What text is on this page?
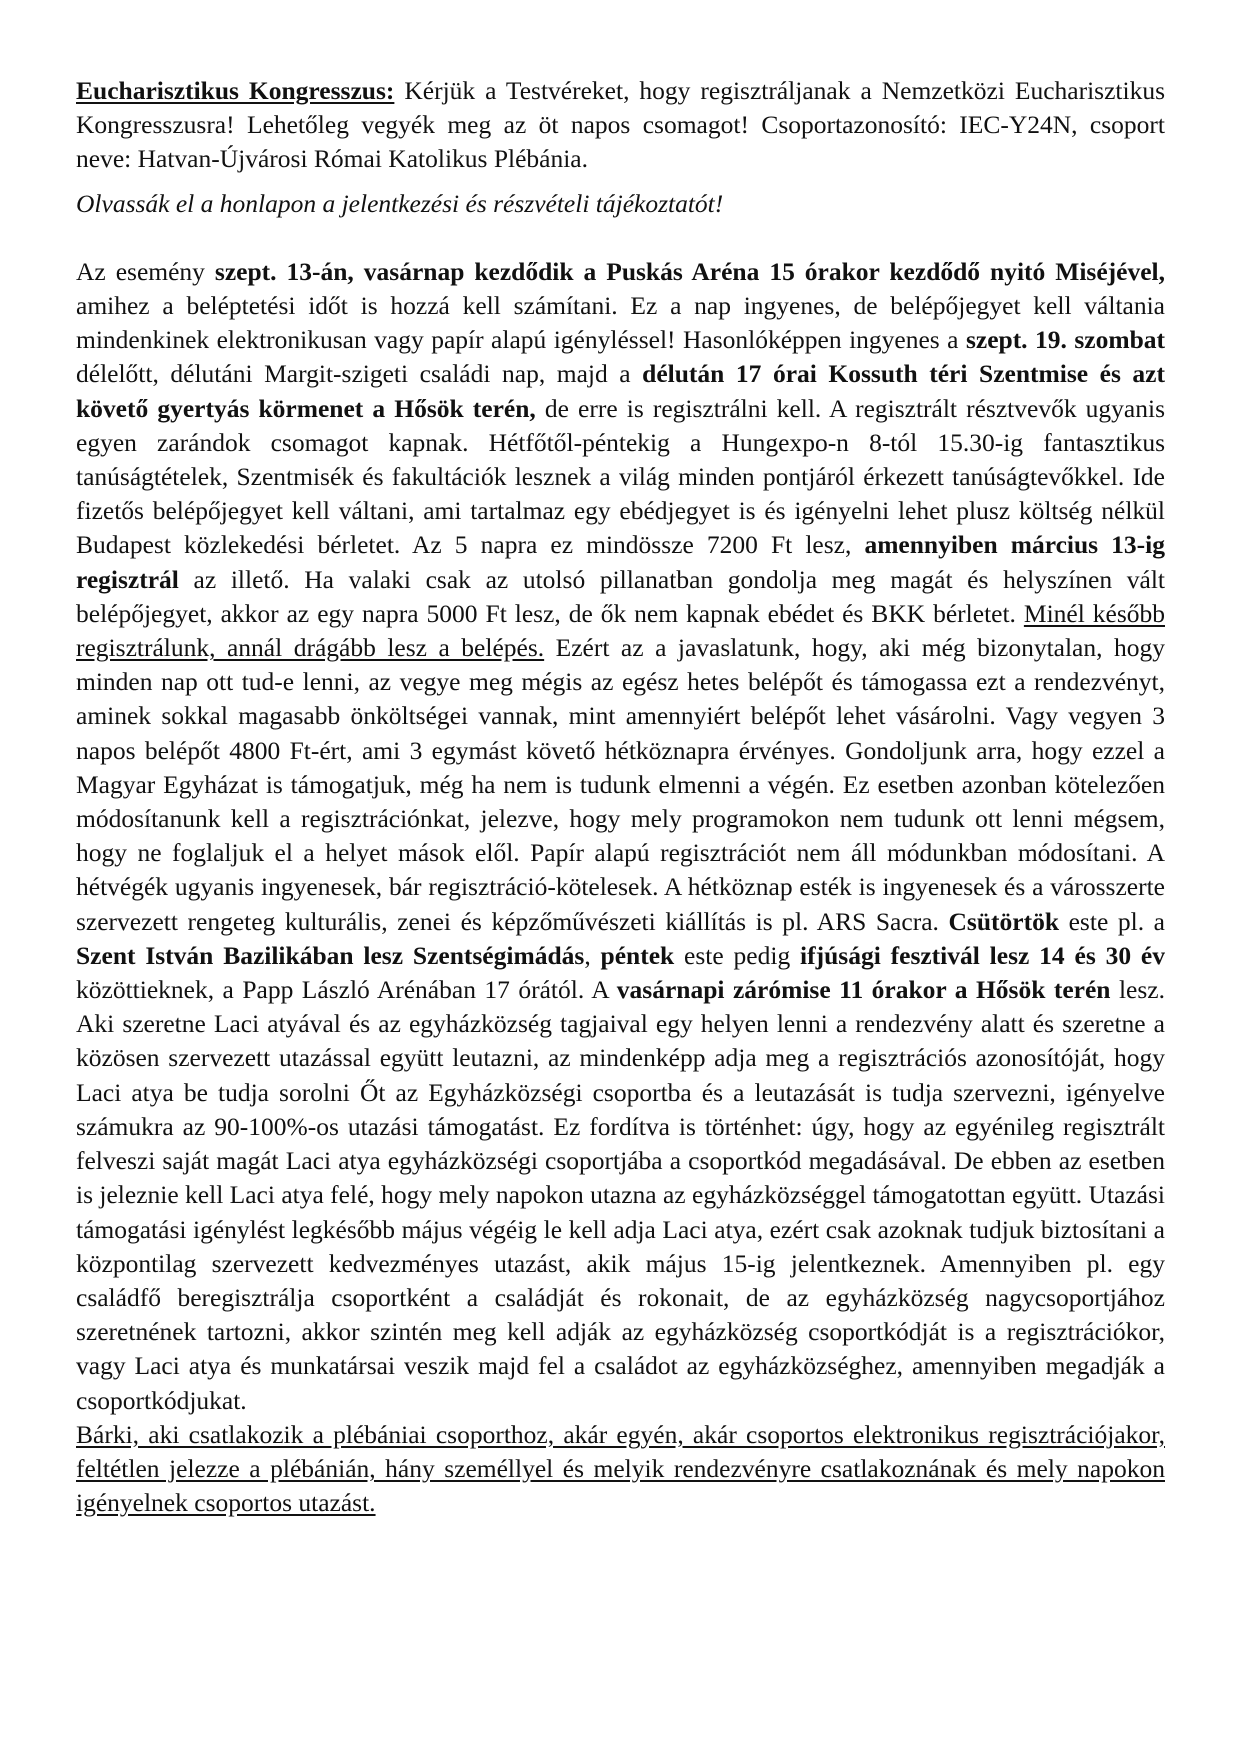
Eucharisztikus Kongresszus: Kérjük a Testvéreket, hogy regisztráljanak a Nemzetközi Eucharisztikus Kongresszusra! Lehetőleg vegyék meg az öt napos csomagot! Csoportazonosító: IEC-Y24N, csoport neve: Hatvan-Újvárosi Római Katolikus Plébánia.

Olvassák el a honlapon a jelentkezési és részvételi tájékoztatót!

Az esemény szept. 13-án, vasárnap kezdődik a Puskás Aréna 15 órakor kezdődő nyitó Miséjével, amihez a beléptetési időt is hozzá kell számítani. Ez a nap ingyenes, de belépőjegyet kell váltania mindenkinek elektronikusan vagy papír alapú igényléssel! Hasonlóképpen ingyenes a szept. 19. szombat délelőtt, délutáni Margit-szigeti családi nap, majd a délután 17 órai Kossuth téri Szentmise és azt követő gyertyás körmenet a Hősök terén, de erre is regisztrálni kell. A regisztrált résztvevők ugyanis egyen zarándok csomagot kapnak. Hétfőtől-péntekig a Hungexpo-n 8-tól 15.30-ig fantasztikus tanúságtételek, Szentmisék és fakultációk lesznek a világ minden pontjáról érkezett tanúságtevőkkel. Ide fizetős belépőjegyet kell váltani, ami tartalmaz egy ebédjegyet is és igényelni lehet plusz költség nélkül Budapest közlekedési bérletet. Az 5 napra ez mindössze 7200 Ft lesz, amennyiben március 13-ig regisztrál az illető. Ha valaki csak az utolsó pillanatban gondolja meg magát és helyszínen vált belépőjegyet, akkor az egy napra 5000 Ft lesz, de ők nem kapnak ebédet és BKK bérletet. Minél később regisztrálunk, annál drágább lesz a belépés. Ezért az a javaslatunk, hogy, aki még bizonytalan, hogy minden nap ott tud-e lenni, az vegye meg mégis az egész hetes belépőt és támogassa ezt a rendezvényt, aminek sokkal magasabb önköltségei vannak, mint amennyiért belépőt lehet vásárolni. Vagy vegyen 3 napos belépőt 4800 Ft-ért, ami 3 egymást követő hétköznapra érvényes. Gondoljunk arra, hogy ezzel a Magyar Egyházat is támogatjuk, még ha nem is tudunk elmenni a végén. Ez esetben azonban kötelezően módosítanunk kell a regisztrációnkat, jelezve, hogy mely programokon nem tudunk ott lenni mégsem, hogy ne foglaljuk el a helyet mások elől. Papír alapú regisztrációt nem áll módunkban módosítani. A hétvégék ugyanis ingyenesek, bár regisztráció-kötelesek. A hétköznap esték is ingyenesek és a városszerte szervezett rengeteg kulturális, zenei és képzőművészeti kiállítás is pl. ARS Sacra. Csütörtök este pl. a Szent István Bazilikában lesz Szentségimádás, péntek este pedig ifjúsági fesztivál lesz 14 és 30 év közöttieknek, a Papp László Arénában 17 órától. A vasárnapi zárómise 11 órakor a Hősök terén lesz. Aki szeretne Laci atyával és az egyházközség tagjaival egy helyen lenni a rendezvény alatt és szeretne a közösen szervezett utazással együtt leutazni, az mindenképp adja meg a regisztrációs azonosítóját, hogy Laci atya be tudja sorolni Őt az Egyházközségi csoportba és a leutazását is tudja szervezni, igényelve számukra az 90-100%-os utazási támogatást. Ez fordítva is történhet: úgy, hogy az egyénileg regisztrált felveszi saját magát Laci atya egyházközségi csoportjába a csoportkód megadásával. De ebben az esetben is jeleznie kell Laci atya felé, hogy mely napokon utazna az egyházközséggel támogatottan együtt. Utazási támogatási igénylést legkésőbb május végéig le kell adja Laci atya, ezért csak azoknak tudjuk biztosítani a központilag szervezett kedvezményes utazást, akik május 15-ig jelentkeznek. Amennyiben pl. egy családfő beregisztrálja csoportként a családját és rokonait, de az egyházközség nagycsoportjához szeretnének tartozni, akkor szintén meg kell adják az egyházközség csoportkódját is a regisztrációkor, vagy Laci atya és munkatársai veszik majd fel a családot az egyházközséghez, amennyiben megadják a csoportkódjukat.

Bárki, aki csatlakozik a plébániai csoporthoz, akár egyén, akár csoportos elektronikus regisztrációjakor, feltétlen jelezze a plébánián, hány személlyel és melyik rendezvényre csatlakoznának és mely napokon igényelnek csoportos utazást.
